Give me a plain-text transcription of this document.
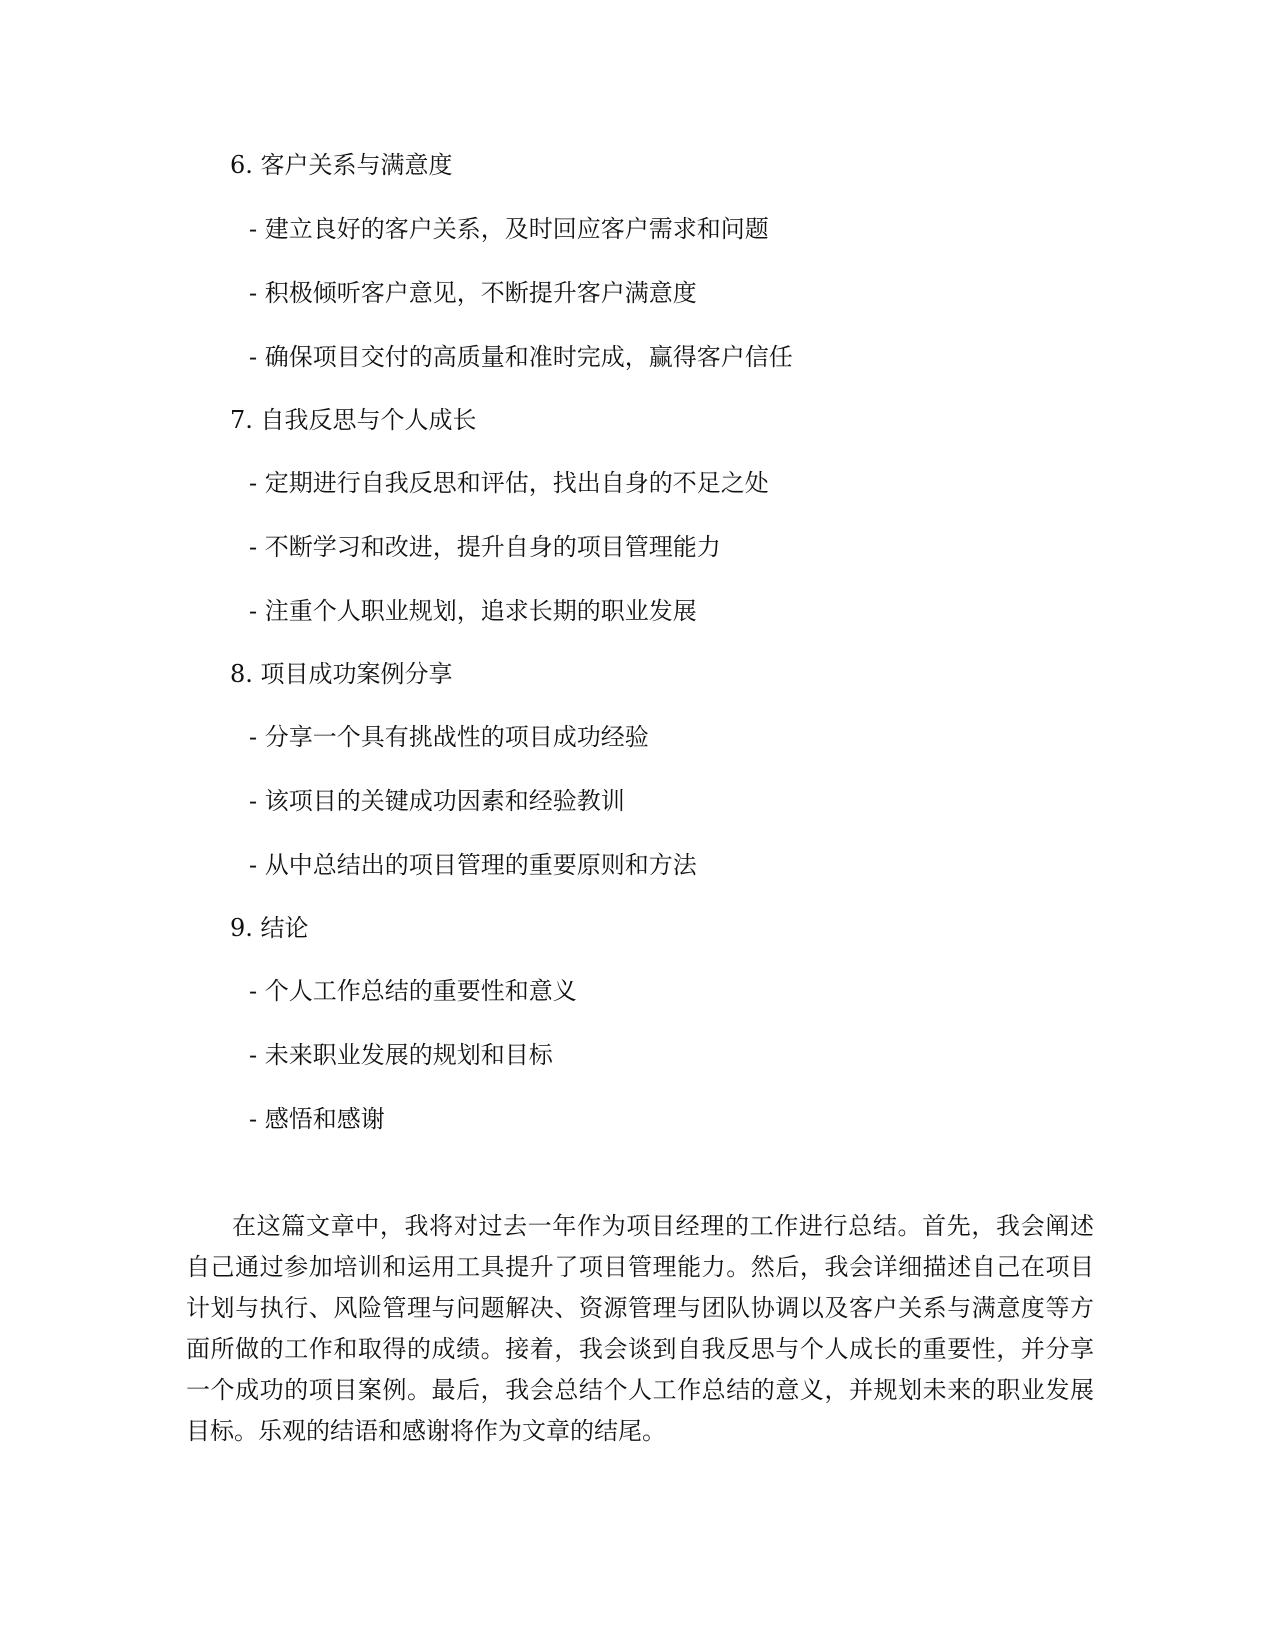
6. 客户关系与满意度
- 建立良好的客户关系，及时回应客户需求和问题
- 积极倾听客户意见，不断提升客户满意度
- 确保项目交付的高质量和准时完成，赢得客户信任
7. 自我反思与个人成长
- 定期进行自我反思和评估，找出自身的不足之处
- 不断学习和改进，提升自身的项目管理能力
- 注重个人职业规划，追求长期的职业发展
8. 项目成功案例分享
- 分享一个具有挑战性的项目成功经验
- 该项目的关键成功因素和经验教训
- 从中总结出的项目管理的重要原则和方法
9. 结论
- 个人工作总结的重要性和意义
- 未来职业发展的规划和目标
- 感悟和感谢

在这篇文章中，我将对过去一年作为项目经理的工作进行总结。首先，我会阐述自己通过参加培训和运用工具提升了项目管理能力。然后，我会详细描述自己在项目计划与执行、风险管理与问题解决、资源管理与团队协调以及客户关系与满意度等方面所做的工作和取得的成绩。接着，我会谈到自我反思与个人成长的重要性，并分享一个成功的项目案例。最后，我会总结个人工作总结的意义，并规划未来的职业发展目标。乐观的结语和感谢将作为文章的结尾。
